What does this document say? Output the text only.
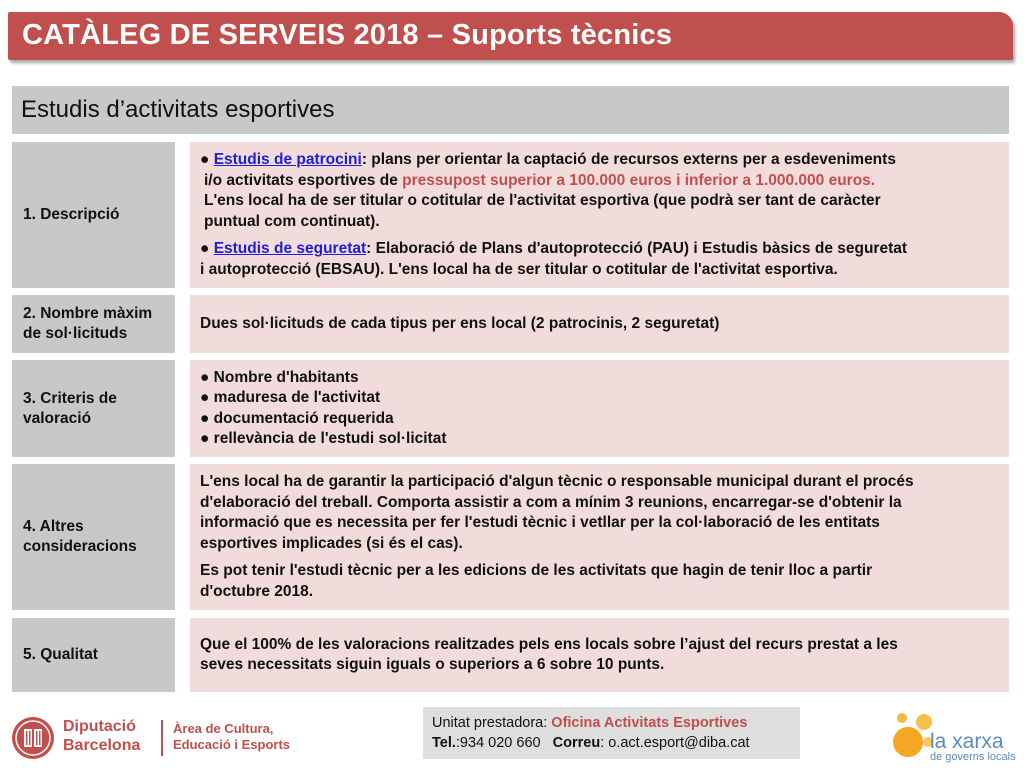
CATÀLEG DE SERVEIS 2018 – Suports tècnics
Estudis d’activitats esportives
1. Descripció

● Estudis de patrocini: plans per orientar la captació de recursos externs per a esdeveniments

i/o activitats esportives de pressupost superior a 100.000 euros i inferior a 1.000.000 euros.

L'ens local ha de ser titular o cotitular de l'activitat esportiva (que podrà ser tant de caràcter

puntual com continuat).

● Estudis de seguretat: Elaboració de Plans d'autoprotecció (PAU) i Estudis bàsics de seguretat

i autoprotecció (EBSAU). L'ens local ha de ser titular o cotitular de l'activitat esportiva.

2. Nombre màxim
de sol·licituds

Dues sol·licituds de cada tipus per ens local (2 patrocinis, 2 seguretat)

3. Criteris de
valoració

● Nombre d'habitants

● maduresa de l'activitat

● documentació requerida

● rellevància de l'estudi sol·licitat

4. Altres
consideracions

L'ens local ha de garantir la participació d'algun tècnic o responsable municipal durant el procés

d'elaboració del treball. Comporta assistir a com a mínim 3 reunions, encarregar-se d'obtenir la

informació que es necessita per fer l'estudi tècnic i vetllar per la col·laboració de les entitats

esportives implicades (si és el cas).

Es pot tenir l'estudi tècnic per a les edicions de les activitats que hagin de tenir lloc a partir

d'octubre 2018.

5. Qualitat

Que el 100% de les valoracions realitzades pels ens locals sobre l’ajust del recurs prestat a les

seves necessitats siguin iguals o superiors a 6 sobre 10 punts.

Diputació
Barcelona
Àrea de Cultura,
Educació i Esports
Unitat prestadora: Oficina Activitats Esportives
Tel.:934 020 660 Correu: o.act.esport@diba.cat	la xarxa
de governs locals
